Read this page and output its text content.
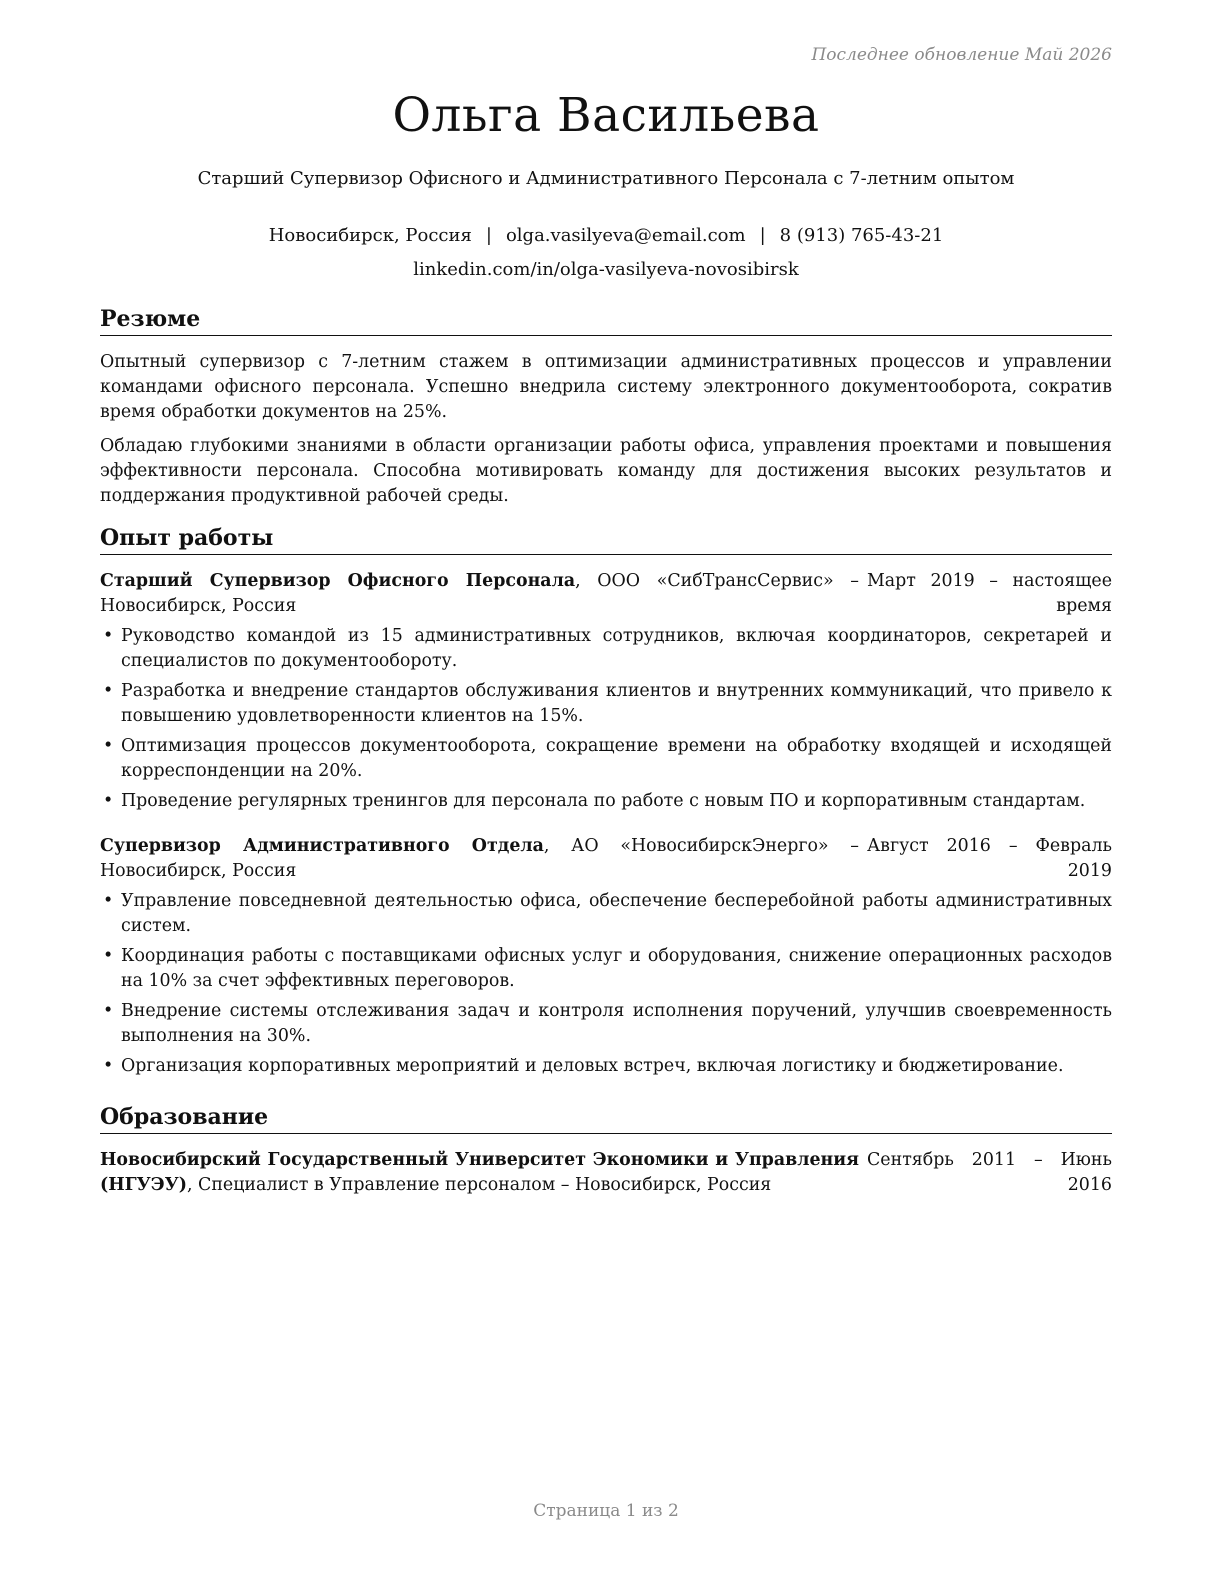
Последнее обновление Май 2026
Ольга Васильева
Старший Супервизор Офисного и Административного Персонала с 7-летним опытом
Новосибирск, Россия | olga.vasilyeva@email.com | 8 (913) 765-43-21
linkedin.com/in/olga-vasilyeva-novosibirsk
Резюме

Опытный супервизор с 7-летним стажем в оптимизации административных процессов и управлении командами офисного персонала. Успешно внедрила систему электронного документооборота, сократив время обработки документов на 25%.

Обладаю глубокими знаниями в области организации работы офиса, управления проектами и повышения эффективности персонала. Способна мотивировать команду для достижения высоких результатов и поддержания продуктивной рабочей среды.

Опыт работы
Старший Супервизор Офисного Персонала, ООО «СибТрансСервис» – Новосибирск, Россия
Март 2019 – настоящее время
• Руководство командой из 15 административных сотрудников, включая координаторов, секретарей и специалистов по документообороту.
• Разработка и внедрение стандартов обслуживания клиентов и внутренних коммуникаций, что привело к повышению удовлетворенности клиентов на 15%.
• Оптимизация процессов документооборота, сокращение времени на обработку входящей и исходящей корреспонденции на 20%.
• Проведение регулярных тренингов для персонала по работе с новым ПО и корпоративным стандартам.
Супервизор Административного Отдела, АО «НовосибирскЭнерго» – Новосибирск, Россия
Август 2016 – Февраль 2019
• Управление повседневной деятельностью офиса, обеспечение бесперебойной работы административных систем.
• Координация работы с поставщиками офисных услуг и оборудования, снижение операционных расходов на 10% за счет эффективных переговоров.
• Внедрение системы отслеживания задач и контроля исполнения поручений, улучшив своевременность выполнения на 30%.
• Организация корпоративных мероприятий и деловых встреч, включая логистику и бюджетирование.
Образование
Новосибирский Государственный Университет Экономики и Управления (НГУЭУ), Специалист в Управление персоналом – Новосибирск, Россия
Сентябрь 2011 – Июнь 2016
Страница 1 из 2
